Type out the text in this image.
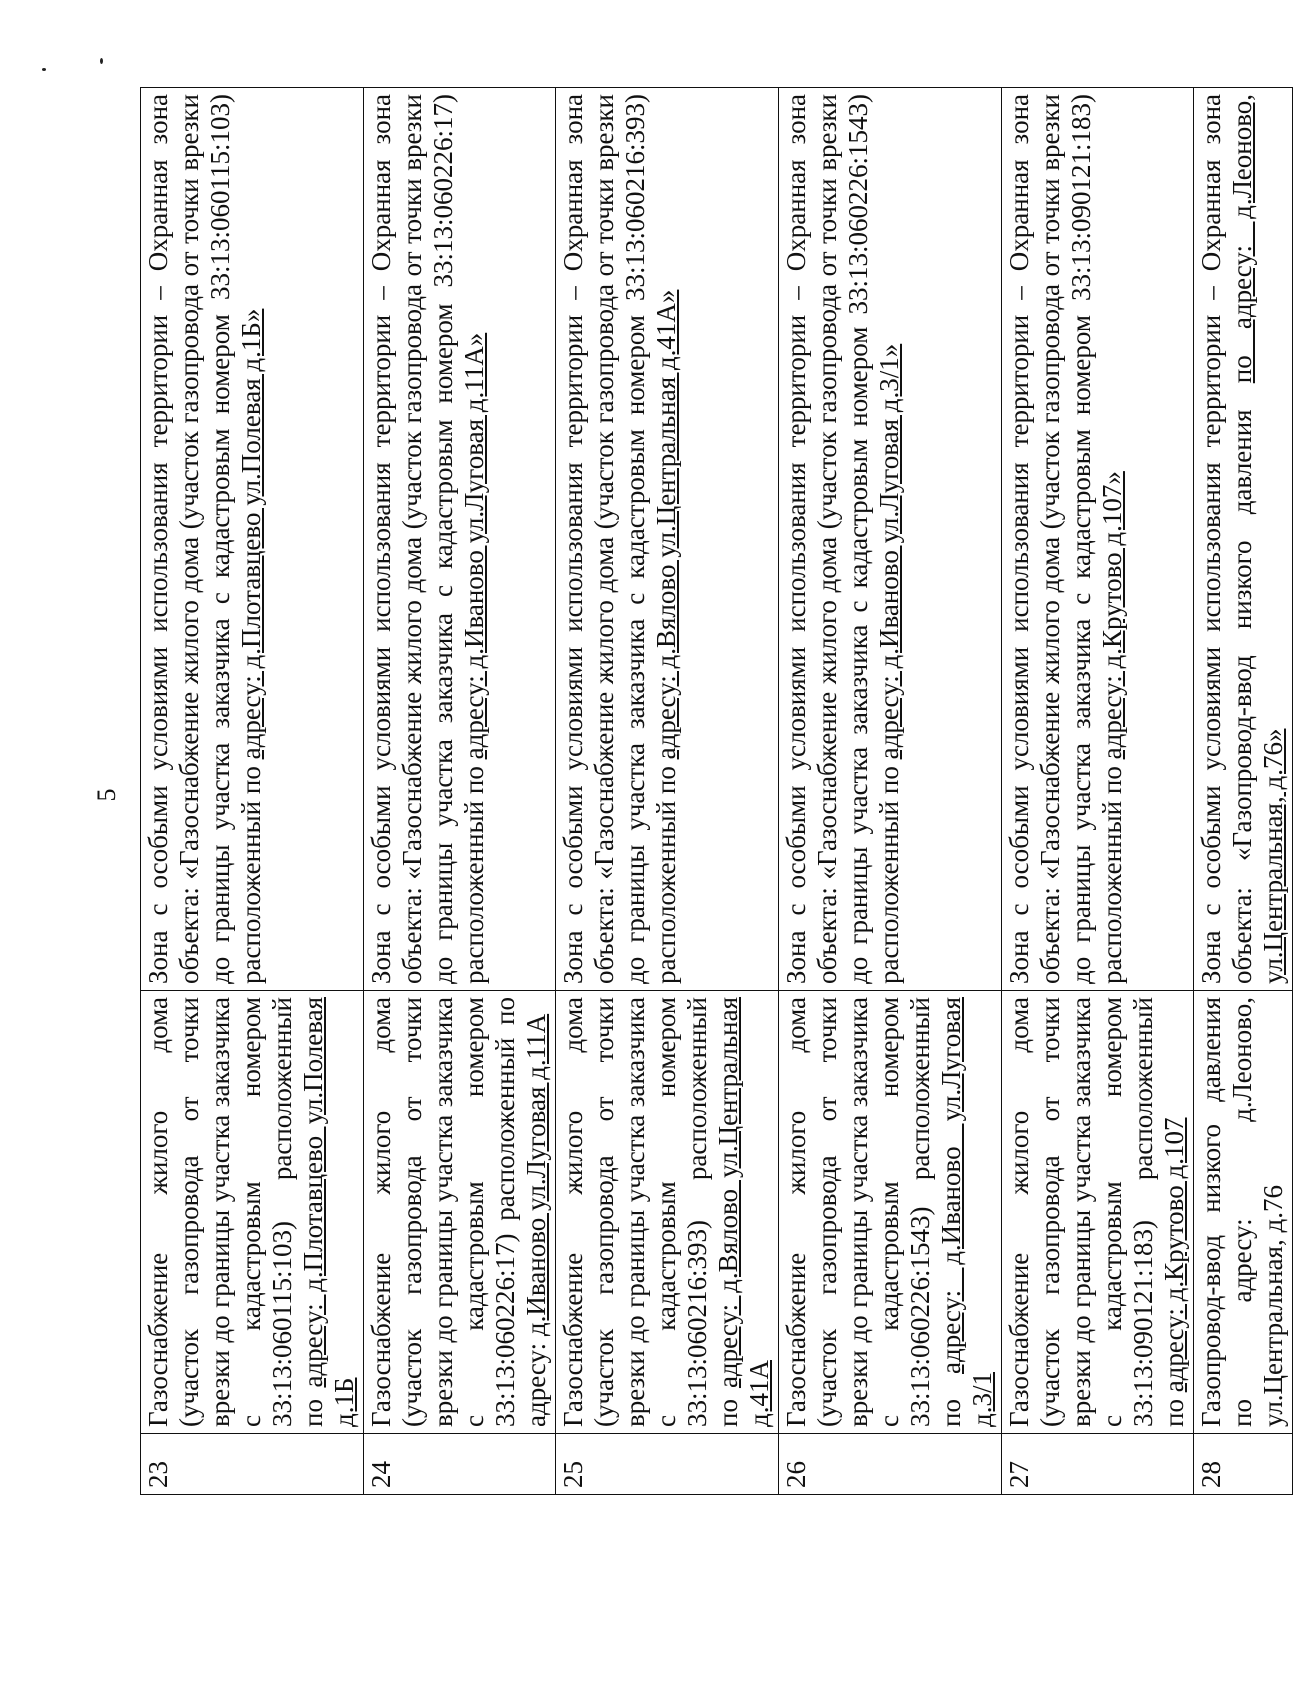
5
23	Газоснабжение жилого дома (участок газопровода от точки врезки до границы участка заказчика с кадастровым номером 33:13:060115:103) расположенный по адресу: д.Плотавцево ул.Полевая д.1Б	Зона с особыми условиями использования территории – Охранная зона объекта: «Газоснабжение жилого дома (участок газопровода от точки врезки до границы участка заказчика с кадастровым номером 33:13:060115:103) расположенный по адресу: д.Плотавцево ул.Полевая д.1Б»
24	Газоснабжение жилого дома (участок газопровода от точки врезки до границы участка заказчика с кадастровым номером 33:13:060226:17) расположенный по адресу: д.Иваново ул.Луговая д.11А	Зона с особыми условиями использования территории – Охранная зона объекта: «Газоснабжение жилого дома (участок газопровода от точки врезки до границы участка заказчика с кадастровым номером 33:13:060226:17) расположенный по адресу: д.Иваново ул.Луговая д.11А»
25	Газоснабжение жилого дома (участок газопровода от точки врезки до границы участка заказчика с кадастровым номером 33:13:060216:393) расположенный по адресу: д.Вялово ул.Центральная д.41А	Зона с особыми условиями использования территории – Охранная зона объекта: «Газоснабжение жилого дома (участок газопровода от точки врезки до границы участка заказчика с кадастровым номером 33:13:060216:393) расположенный по адресу: д.Вялово ул.Центральная д.41А»
26	Газоснабжение жилого дома (участок газопровода от точки врезки до границы участка заказчика с кадастровым номером 33:13:060226:1543) расположенный по адресу: д.Иваново ул.Луговая д.3/1	Зона с особыми условиями использования территории – Охранная зона объекта: «Газоснабжение жилого дома (участок газопровода от точки врезки до границы участка заказчика с кадастровым номером 33:13:060226:1543) расположенный по адресу: д.Иваново ул.Луговая д.3/1»
27	Газоснабжение жилого дома (участок газопровода от точки врезки до границы участка заказчика с кадастровым номером 33:13:090121:183) расположенный по адресу: д.Крутово д.107	Зона с особыми условиями использования территории – Охранная зона объекта: «Газоснабжение жилого дома (участок газопровода от точки врезки до границы участка заказчика с кадастровым номером 33:13:090121:183) расположенный по адресу: д.Крутово д.107»
28	Газопровод-ввод низкого давления по адресу: д.Леоново, ул.Центральная, д.76	Зона с особыми условиями использования территории – Охранная зона объекта: «Газопровод-ввод низкого давления по адресу: д.Леоново, ул.Центральная, д.76»
